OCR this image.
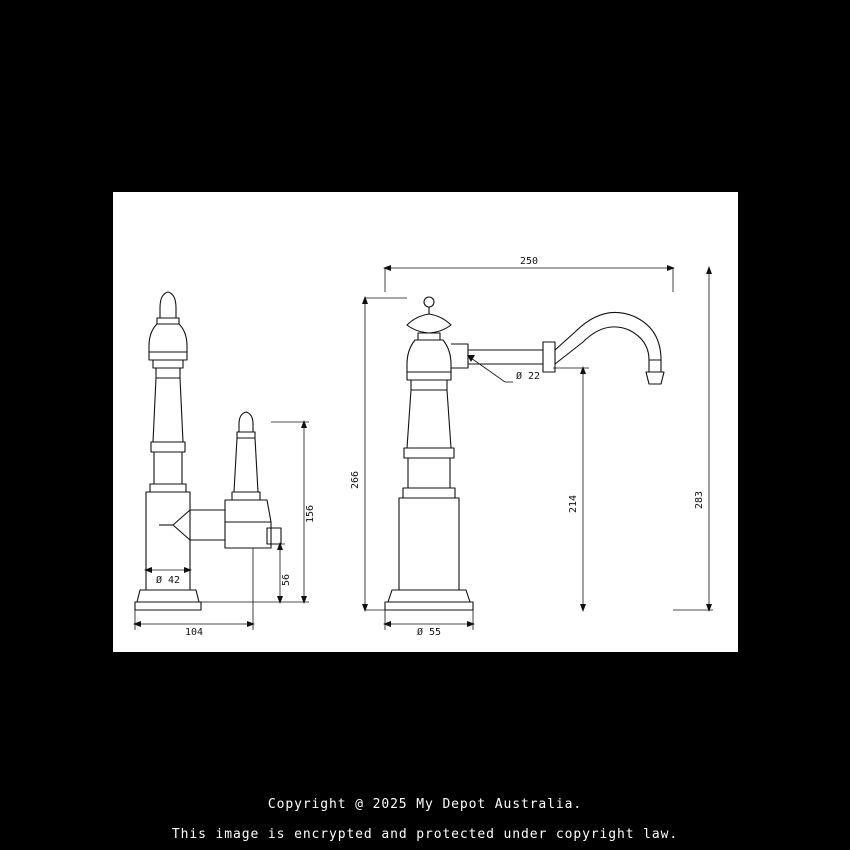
156
56
Ø 42
104
250
Ø 22
266
214	283
Ø 55
Copyright @ 2025 My Depot Australia.
This image is encrypted and protected under copyright law.
